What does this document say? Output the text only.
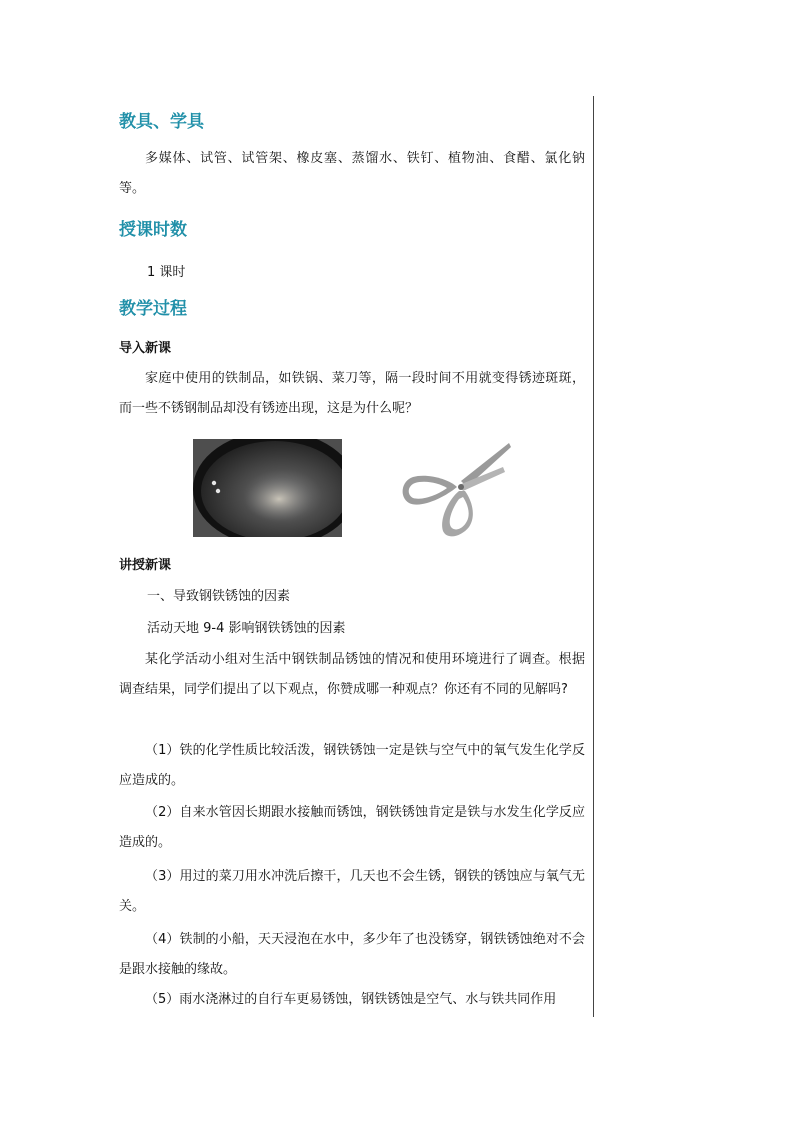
教具、学具

多媒体、试管、试管架、橡皮塞、蒸馏水、铁钉、植物油、食醋、氯化钠等。

授课时数

1 课时

教学过程
导入新课

家庭中使用的铁制品，如铁锅、菜刀等，隔一段时间不用就变得锈迹斑斑，而一些不锈钢制品却没有锈迹出现，这是为什么呢？

讲授新课

一、导致钢铁锈蚀的因素

活动天地 9-4 影响钢铁锈蚀的因素

某化学活动小组对生活中钢铁制品锈蚀的情况和使用环境进行了调查。根据调查结果，同学们提出了以下观点，你赞成哪一种观点？你还有不同的见解吗?

（1）铁的化学性质比较活泼，钢铁锈蚀一定是铁与空气中的氧气发生化学反应造成的。

（2）自来水管因长期跟水接触而锈蚀，钢铁锈蚀肯定是铁与水发生化学反应造成的。

（3）用过的菜刀用水冲洗后擦干，几天也不会生锈，钢铁的锈蚀应与氧气无关。

（4）铁制的小船，天天浸泡在水中，多少年了也没锈穿，钢铁锈蚀绝对不会是跟水接触的缘故。

（5）雨水浇淋过的自行车更易锈蚀，钢铁锈蚀是空气、水与铁共同作用
